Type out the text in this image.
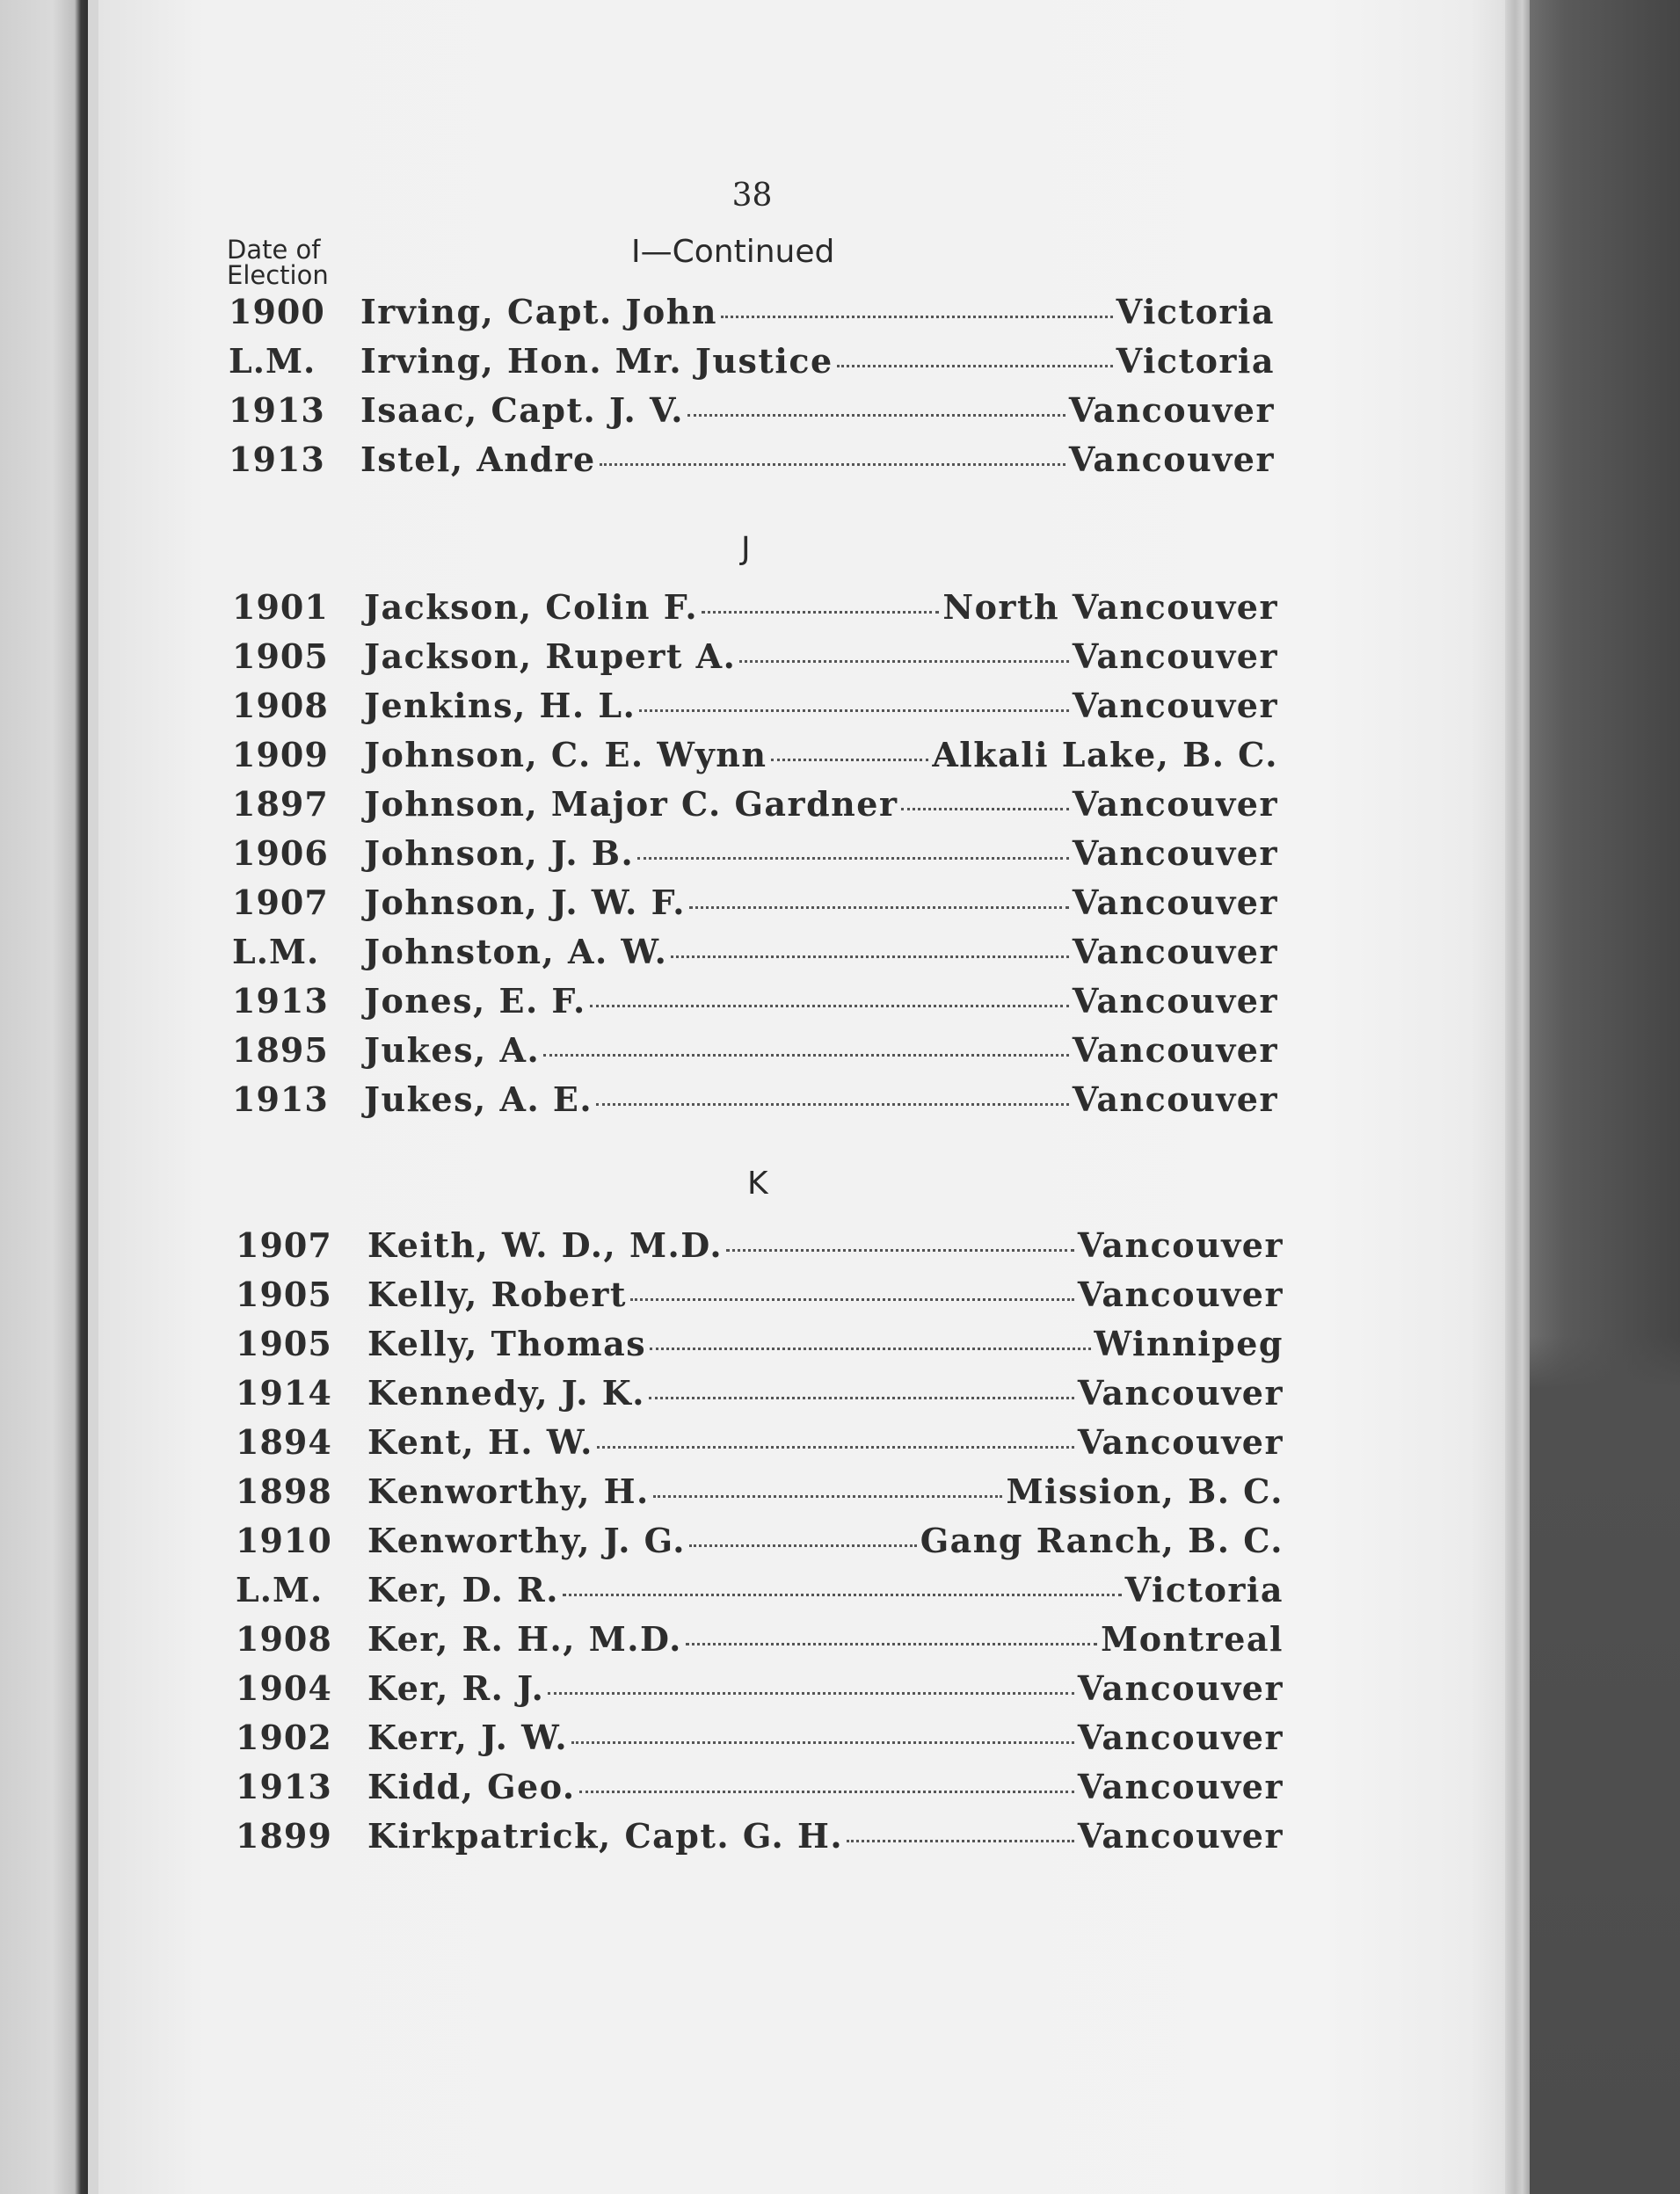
38
Date of
Election
I—Continued
1900	Irving, Capt. John	Victoria
L.M.	Irving, Hon. Mr. Justice	Victoria
1913	Isaac, Capt. J. V.	Vancouver
1913	Istel, Andre	Vancouver
J
1901	Jackson, Colin F.	North Vancouver
1905	Jackson, Rupert A.	Vancouver
1908	Jenkins, H. L.	Vancouver
1909	Johnson, C. E. Wynn	Alkali Lake, B. C.
1897	Johnson, Major C. Gardner	Vancouver
1906	Johnson, J. B.	Vancouver
1907	Johnson, J. W. F.	Vancouver
L.M.	Johnston, A. W.	Vancouver
1913	Jones, E. F.	Vancouver
1895	Jukes, A.	Vancouver
1913	Jukes, A. E.	Vancouver
K
1907	Keith, W. D., M.D.	Vancouver
1905	Kelly, Robert	Vancouver
1905	Kelly, Thomas	Winnipeg
1914	Kennedy, J. K.	Vancouver
1894	Kent, H. W.	Vancouver
1898	Kenworthy, H.	Mission, B. C.
1910	Kenworthy, J. G.	Gang Ranch, B. C.
L.M.	Ker, D. R.	Victoria
1908	Ker, R. H., M.D.	Montreal
1904	Ker, R. J.	Vancouver
1902	Kerr, J. W.	Vancouver
1913	Kidd, Geo.	Vancouver
1899	Kirkpatrick, Capt. G. H.	Vancouver
